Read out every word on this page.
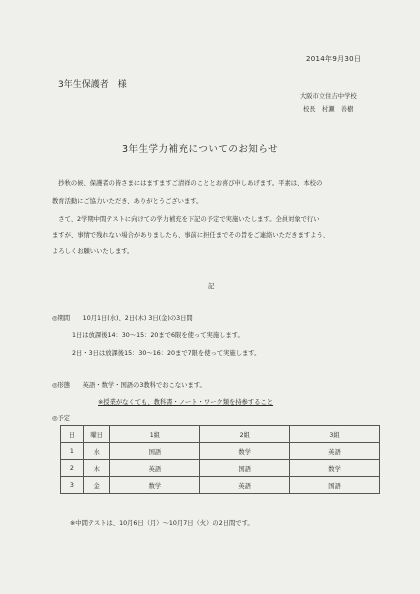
2014年9月30日
3年生保護者　様
大阪市立住吉中学校
校長　村瀬　善樹
3年生学力補充についてのお知らせ
　抄秋の候、保護者の皆さまにはますますご清祥のこととお喜び申しあげます。平素は、本校の
教育活動にご協力いただき、ありがとうございます。
　さて、2学期中間テストに向けての学力補充を下記の予定で実施いたします。全員対象で行い
ますが、事情で残れない場合がありましたら、事前に担任までその旨をご連絡いただきますよう、
よろしくお願いいたします。
記
◎期間　　10月1日(水)、2日(木) 3日(金)の3日間
1日は放課後14：30～15：20まで6限を使って実施します。
2日・3日は放課後15：30～16：20まで7限を使って実施します。
◎形態　　英語・数学・国語の3教科でおこないます。
※授業がなくても、教科書・ノート・ワーク類を持参すること
◎予定
日	曜日	1組	2組	3組
1	水	国語	数学	英語
2	木	英語	国語	数学
3	金	数学	英語	国語
※中間テストは、10月6日（月）～10月7日（火）の2日間です。
